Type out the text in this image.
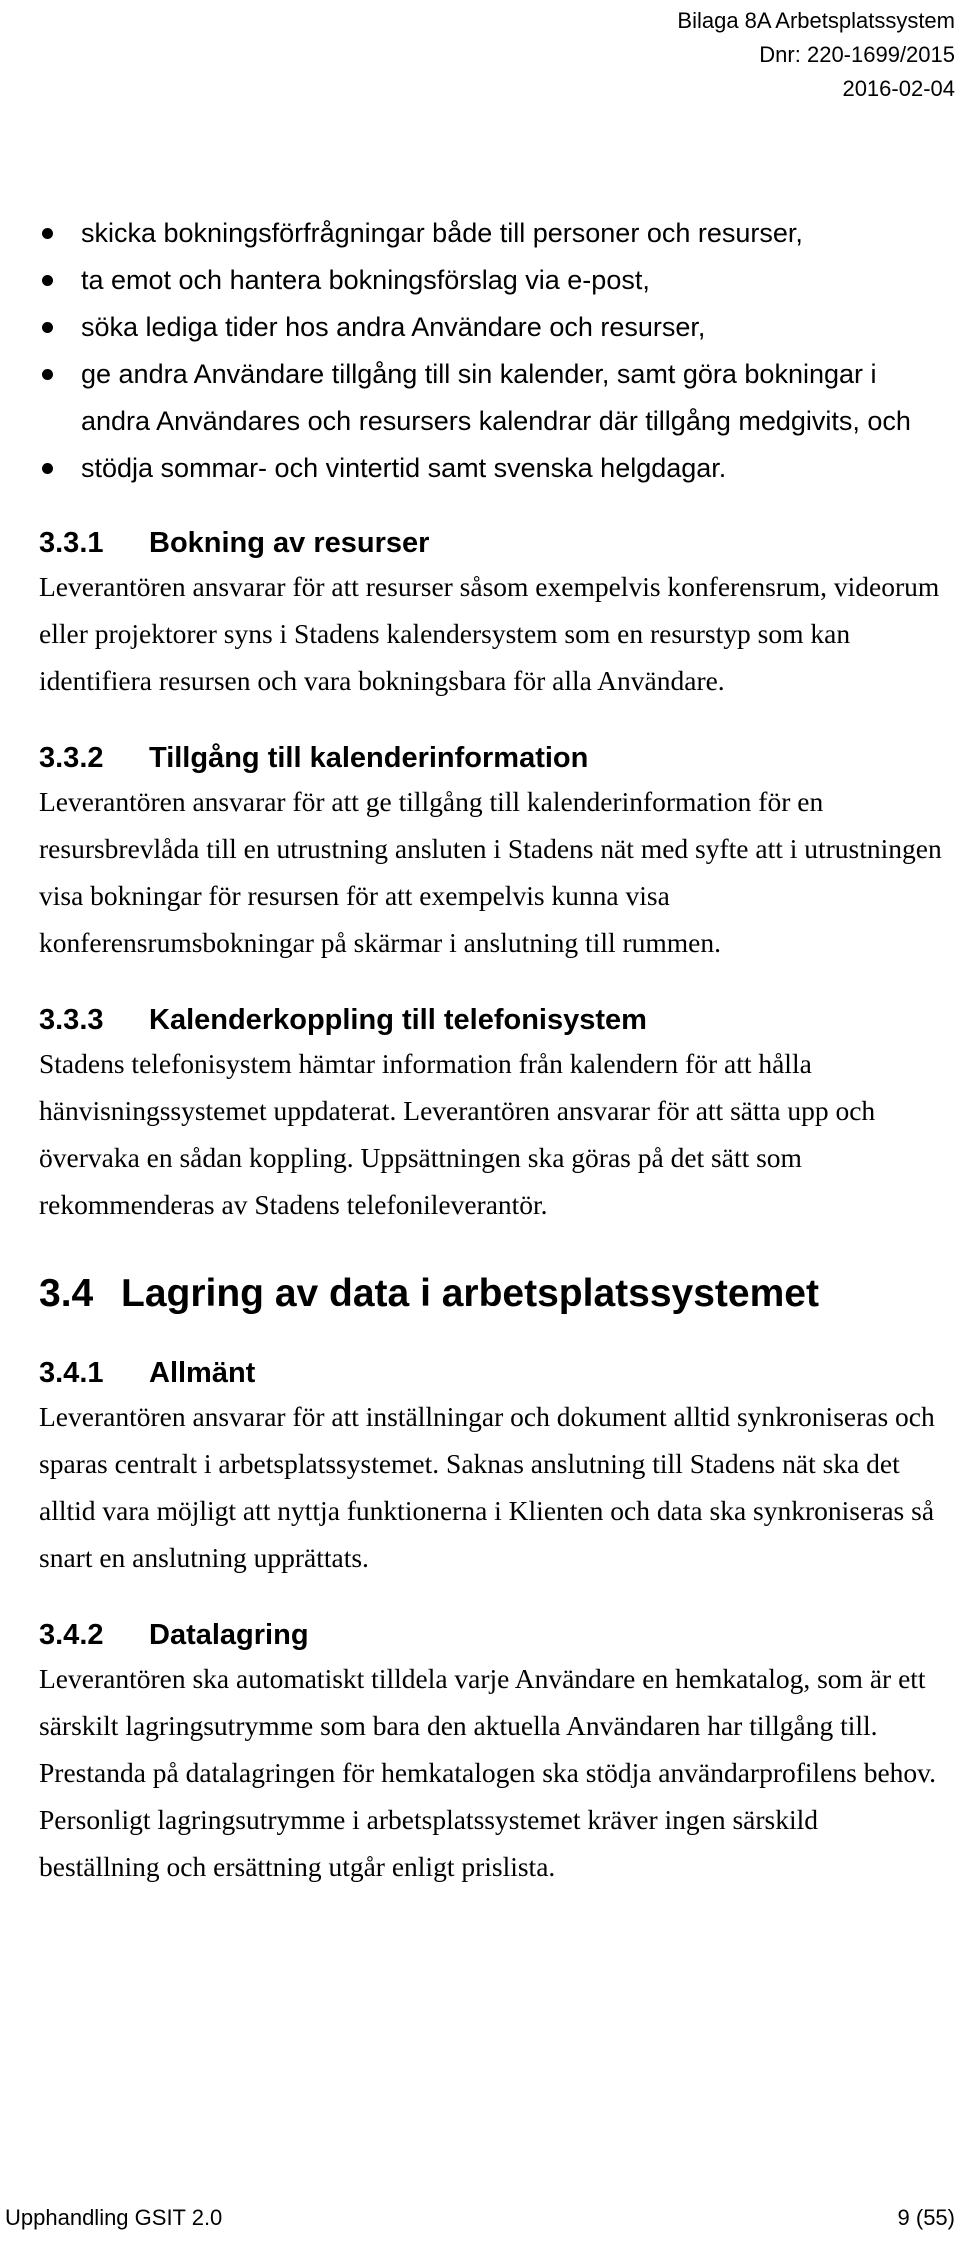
Bilaga 8A Arbetsplatssystem
Dnr: 220-1699/2015
2016-02-04
skicka bokningsförfrågningar både till personer och resurser,
ta emot och hantera bokningsförslag via e-post,
söka lediga tider hos andra Användare och resurser,
ge andra Användare tillgång till sin kalender, samt göra bokningar i andra Användares och resursers kalendrar där tillgång medgivits, och
stödja sommar- och vintertid samt svenska helgdagar.
3.3.1 Bokning av resurser

Leverantören ansvarar för att resurser såsom exempelvis konferensrum, videorum eller projektorer syns i Stadens kalendersystem som en resurstyp som kan identifiera resursen och vara bokningsbara för alla Användare.

3.3.2 Tillgång till kalenderinformation

Leverantören ansvarar för att ge tillgång till kalenderinformation för en resursbrevlåda till en utrustning ansluten i Stadens nät med syfte att i utrustningen visa bokningar för resursen för att exempelvis kunna visa konferensrumsbokningar på skärmar i anslutning till rummen.

3.3.3 Kalenderkoppling till telefonisystem

Stadens telefonisystem hämtar information från kalendern för att hålla hänvisningssystemet uppdaterat. Leverantören ansvarar för att sätta upp och övervaka en sådan koppling. Uppsättningen ska göras på det sätt som rekommenderas av Stadens telefonileverantör.

3.4 Lagring av data i arbetsplatssystemet
3.4.1 Allmänt

Leverantören ansvarar för att inställningar och dokument alltid synkroniseras och sparas centralt i arbetsplatssystemet. Saknas anslutning till Stadens nät ska det alltid vara möjligt att nyttja funktionerna i Klienten och data ska synkroniseras så snart en anslutning upprättats.

3.4.2 Datalagring

Leverantören ska automatiskt tilldela varje Användare en hemkatalog, som är ett särskilt lagringsutrymme som bara den aktuella Användaren har tillgång till. Prestanda på datalagringen för hemkatalogen ska stödja användarprofilens behov. Personligt lagringsutrymme i arbetsplatssystemet kräver ingen särskild beställning och ersättning utgår enligt prislista.

Upphandling GSIT 2.0	9 (55)
